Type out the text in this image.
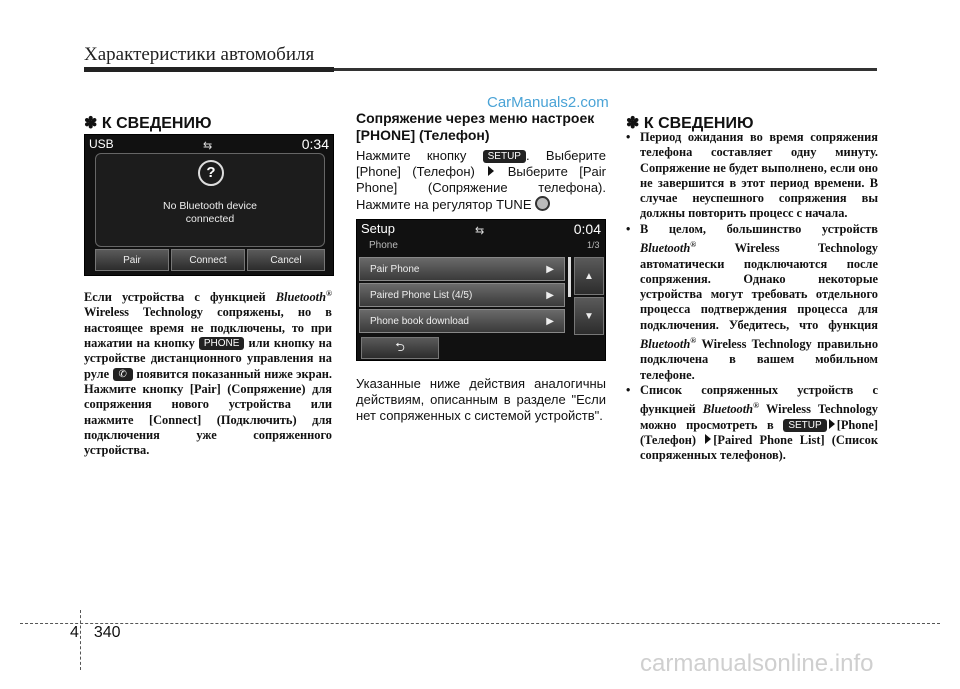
Характеристики автомобиля
CarManuals2.com
✽ К СВЕДЕНИЮ
USB	⇆	0:34
?
No Bluetooth device
connected
Pair	Connect	Cancel
Если устройства с функцией Bluetooth® Wireless Technology сопряжены, но в настоящее время не подключены, то при нажатии на кнопку PHONE или кнопку на устройстве дистанционного управления на руле ✆ появится показанный ниже экран. Нажмите кнопку [Pair] (Сопряжение) для сопряжения нового устройства или нажмите [Connect] (Подключить) для подключения уже сопряженного устройства.
Сопряжение через меню настроек [PHONE] (Телефон)
Нажмите кнопку SETUP . Выберите [Phone] (Телефон)	Выберите [Pair Phone] (Сопряжение телефона). Нажмите на регулятор TUNE
Setup	⇆	0:04
Phone	1/3
Pair Phone	▶
Paired Phone List (4/5)	▶
Phone book download	▶
▲
▼
⮌
Указанные ниже действия аналогичны действиям, описанным в разделе "Если нет сопряженных с системой устройств".
✽ К СВЕДЕНИЮ
• Период ожидания во время сопряжения телефона составляет одну минуту. Сопряжение не будет выполнено, если оно не завершится в этот период времени. В случае неуспешного сопряжения вы должны повторить процесс с начала.
• В целом, большинство устройств Bluetooth®	Wireless Technology автоматически подключаются после сопряжения. Однако некоторые устройства могут требовать отдельного процесса подтверждения процесса для подключения. Убедитесь, что функция Bluetooth® Wireless Technology правильно подключена в вашем мобильном телефоне.
• Список сопряженных устройств с функцией Bluetooth® Wireless Technology можно просмотреть в SETUP [Phone] (Телефон) [Paired Phone List] (Список сопряженных телефонов).
4 340
carmanualsonline.info
